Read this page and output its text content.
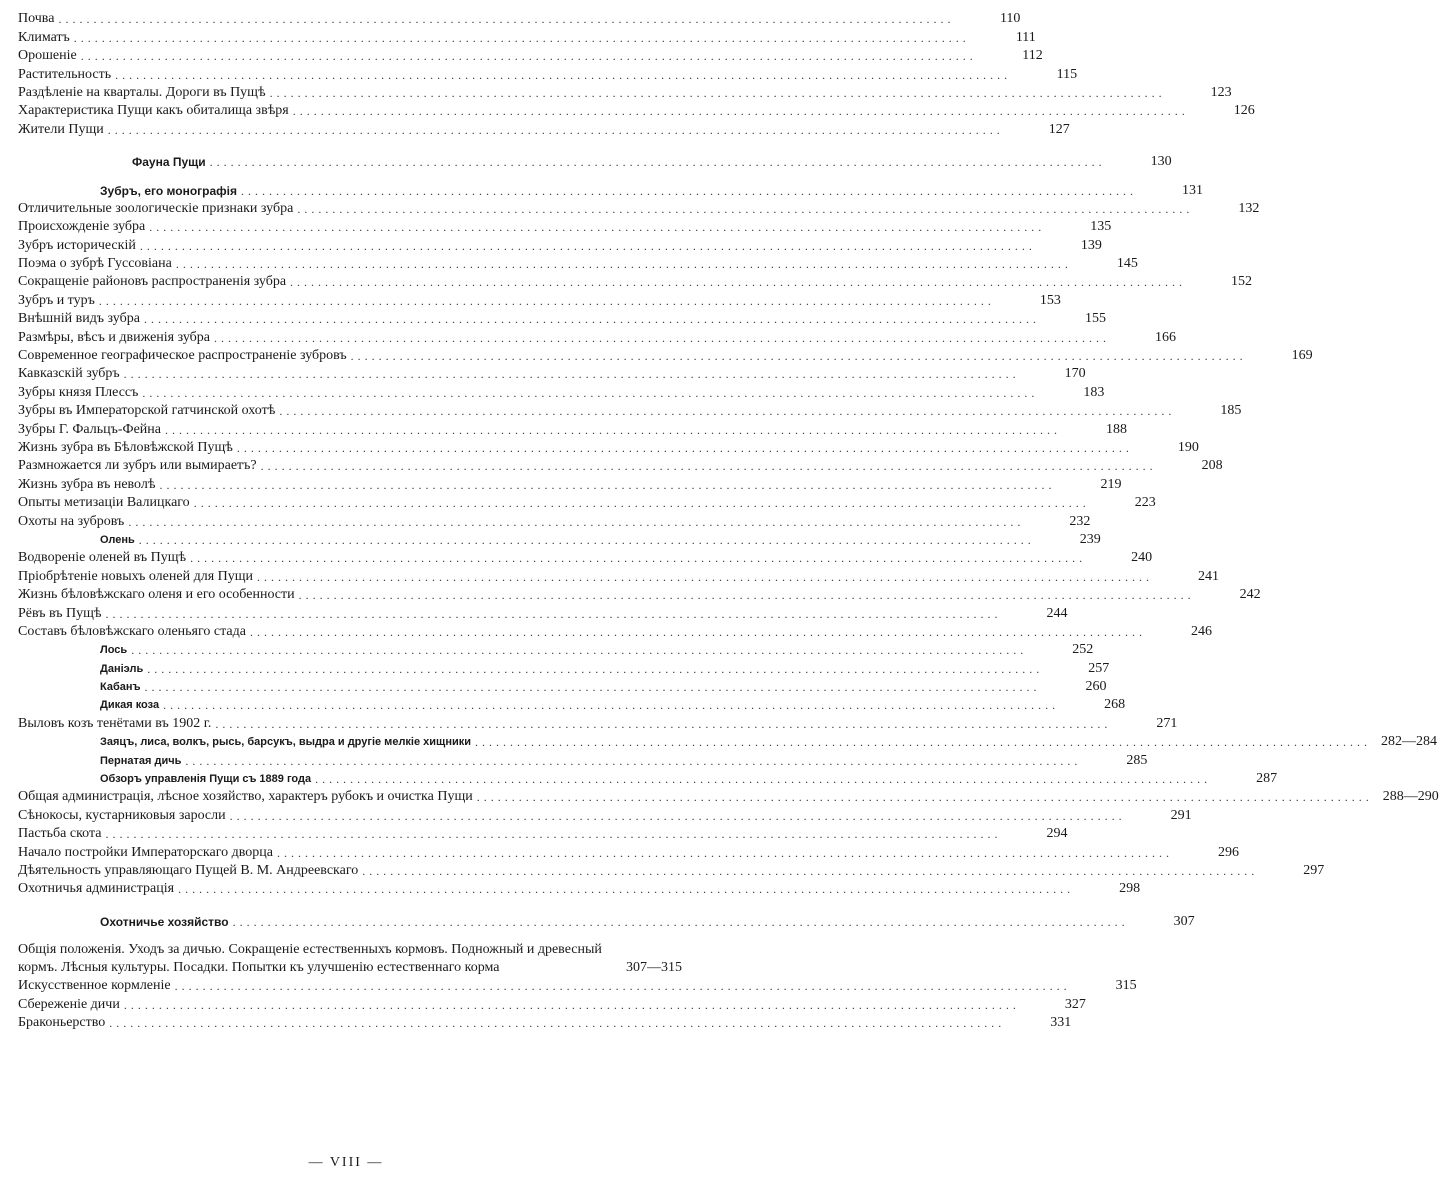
Почва ................................................................................................................................	110
Климатъ ................................................................................................................................	111
Орошеніе ................................................................................................................................	112
Растительность ................................................................................................................................	115
Раздѣленіе на кварталы. Дороги въ Пущѣ ................................................................................................................................	123
Характеристика Пущи какъ обиталища звѣря ................................................................................................................................	126
Жители Пущи ................................................................................................................................	127
Фауна Пущи ................................................................................................................................	130
Зубръ, его монографія ................................................................................................................................	131
Отличительные зоологическіе признаки зубра ................................................................................................................................	132
Происхожденіе зубра ................................................................................................................................	135
Зубръ историческій ................................................................................................................................	139
Поэма о зубрѣ Гуссовіана ................................................................................................................................	145
Сокращеніе районовъ распространенія зубра ................................................................................................................................	152
Зубръ и туръ ................................................................................................................................	153
Внѣшній видъ зубра ................................................................................................................................	155
Размѣры, вѣсъ и движенія зубра ................................................................................................................................	166
Современное географическое распространеніе зубровъ ................................................................................................................................	169
Кавказскій зубръ ................................................................................................................................	170
Зубры князя Плессъ ................................................................................................................................	183
Зубры въ Императорской гатчинской охотѣ ................................................................................................................................	185
Зубры Г. Фальцъ-Фейна ................................................................................................................................	188
Жизнь зубра въ Бѣловѣжской Пущѣ ................................................................................................................................	190
Размножается ли зубръ или вымираетъ? ................................................................................................................................	208
Жизнь зубра въ неволѣ ................................................................................................................................	219
Опыты метизаціи Валицкаго ................................................................................................................................	223
Охоты на зубровъ ................................................................................................................................	232
Олень ................................................................................................................................	239
Водвореніе оленей въ Пущѣ ................................................................................................................................	240
Пріобрѣтеніе новыхъ оленей для Пущи ................................................................................................................................	241
Жизнь бѣловѣжскаго оленя и его особенности ................................................................................................................................	242
Рёвъ въ Пущѣ ................................................................................................................................	244
Составъ бѣловѣжскаго оленьяго стада ................................................................................................................................	246
Лось ................................................................................................................................	252
Даніэль ................................................................................................................................	257
Кабанъ ................................................................................................................................	260
Дикая коза ................................................................................................................................	268
Выловъ козъ тенётами въ 1902 г. ................................................................................................................................	271
Заяцъ, лиса, волкъ, рысь, барсукъ, выдра и другіе мелкіе хищники ................................................................................................................................ 282—284
Пернатая дичь ................................................................................................................................	285
Обзоръ управленія Пущи съ 1889 года ................................................................................................................................	287
Общая администрація, лѣсное хозяйство, характеръ рубокъ и очистка Пущи ................................................................................................................................ 288—290
Сѣнокосы, кустарниковыя заросли ................................................................................................................................	291
Пастьба скота ................................................................................................................................	294
Начало постройки Императорскаго дворца ................................................................................................................................	296
Дѣятельность управляющаго Пущей В. М. Андреевскаго ................................................................................................................................	297
Охотничья администрація ................................................................................................................................	298
Охотничье хозяйство ................................................................................................................................	307
Общія положенія. Уходъ за дичью. Сокращеніе естественныхъ кормовъ. Подножный и древесный кормъ. Лѣсныя культуры. Посадки. Попытки къ улучшенію естественнаго корма	307—315
Искусственное кормленіе ................................................................................................................................	315
Сбереженіе дичи ................................................................................................................................	327
Браконьерство ................................................................................................................................	331
— VIII —
